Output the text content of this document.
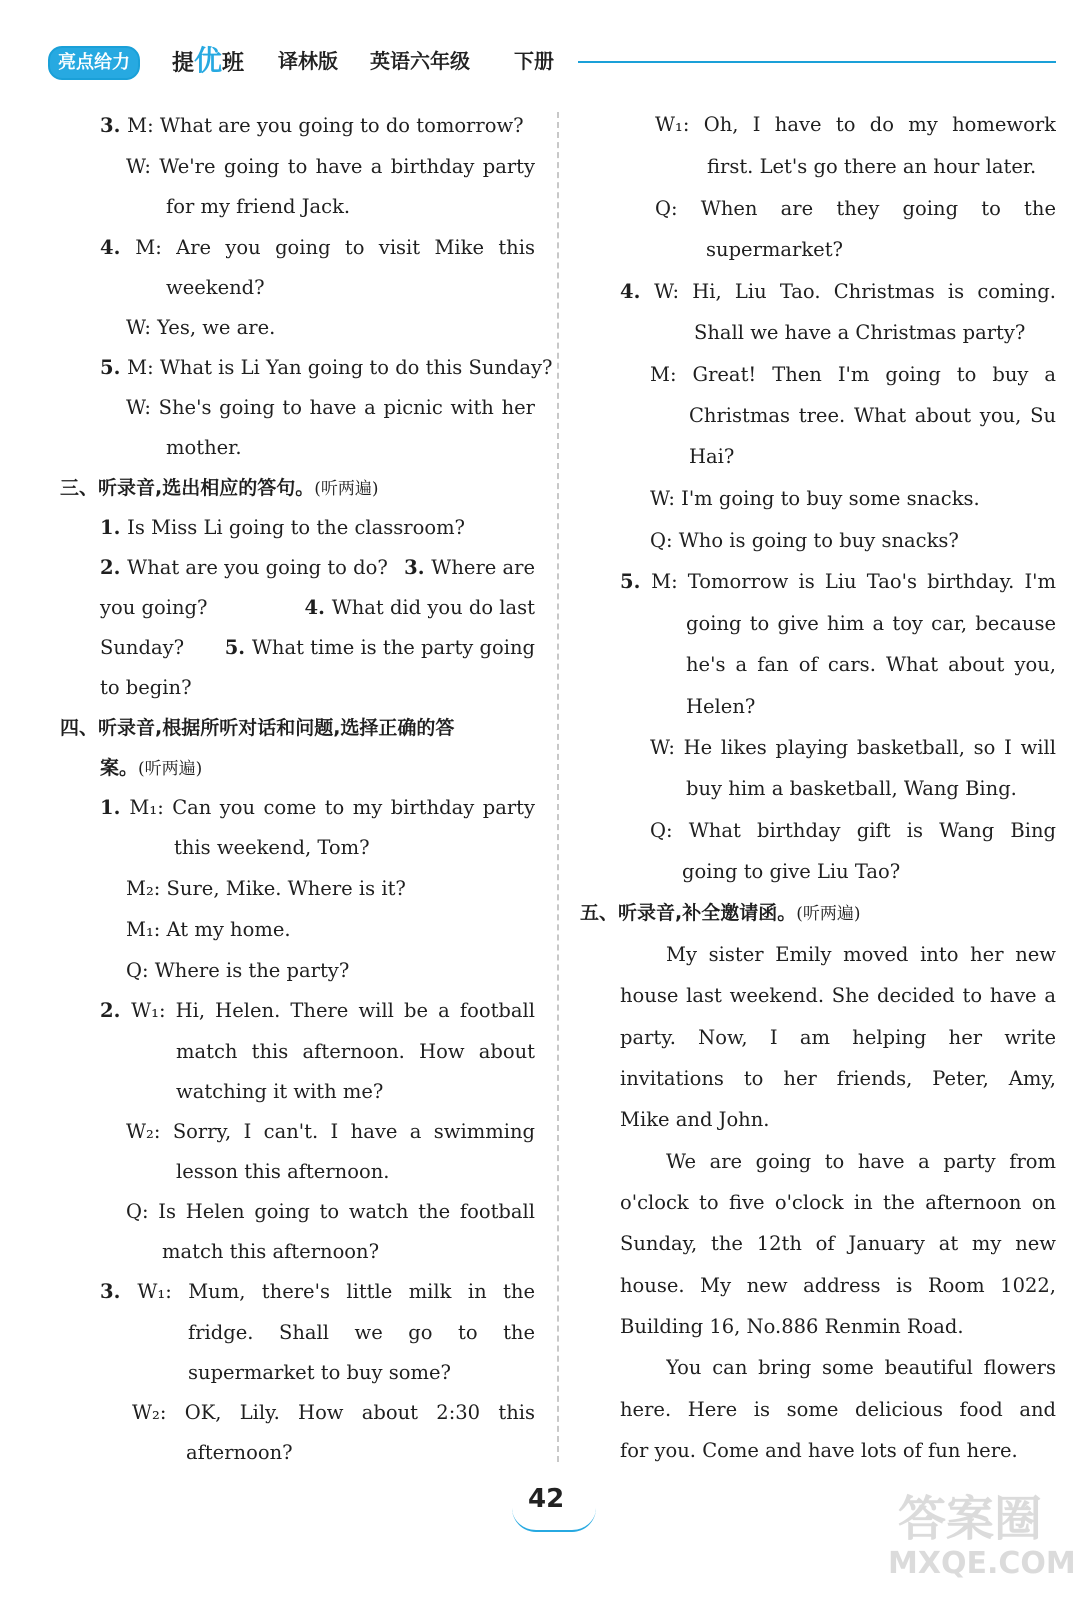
亮点给力	提优班 译林版 英语六年级 下册
3. M: What are you going to do tomorrow?
W: We're going to have a birthday party
for my friend Jack.
4. M: Are you going to visit Mike this
weekend?
W: Yes, we are.
5. M: What is Li Yan going to do this Sunday?
W: She's going to have a picnic with her
mother.
三、听录音,选出相应的答句。(听两遍)
1. Is Miss Li going to the classroom?
2. What are you going to do? 3. Where are
you going?	4. What did you do last
Sunday? 5. What time is the party going
to begin?
四、听录音,根据所听对话和问题,选择正确的答
案。(听两遍)
1. M₁: Can you come to my birthday party
this weekend, Tom?
M₂: Sure, Mike. Where is it?
M₁: At my home.
Q: Where is the party?
2. W₁: Hi, Helen. There will be a football
match this afternoon. How about
watching it with me?
W₂: Sorry, I can't. I have a swimming
lesson this afternoon.
Q: Is Helen going to watch the football
match this afternoon?
3. W₁: Mum, there's little milk in the
fridge. Shall we go to the
supermarket to buy some?
W₂: OK, Lily. How about 2:30 this
afternoon?
W₁: Oh, I have to do my homework
first. Let's go there an hour later.
Q: When are they going to the
supermarket?
4. W: Hi, Liu Tao. Christmas is coming.
Shall we have a Christmas party?
M: Great! Then I'm going to buy a
Christmas tree. What about you, Su
Hai?
W: I'm going to buy some snacks.
Q: Who is going to buy snacks?
5. M: Tomorrow is Liu Tao's birthday. I'm
going to give him a toy car, because
he's a fan of cars. What about you,
Helen?
W: He likes playing basketball, so I will
buy him a basketball, Wang Bing.
Q: What birthday gift is Wang Bing
going to give Liu Tao?
五、听录音,补全邀请函。(听两遍)
My sister Emily moved into her new
house last weekend. She decided to have a
party. Now, I am helping her write
invitations to her friends, Peter, Amy,
Mike and John.
We are going to have a party from
o'clock to five o'clock in the afternoon on
Sunday, the 12th of January at my new
house. My new address is Room 1022,
Building 16, No.886 Renmin Road.
You can bring some beautiful flowers
here. Here is some delicious food and
for you. Come and have lots of fun here.
42	答案圈
MXQE.COM
